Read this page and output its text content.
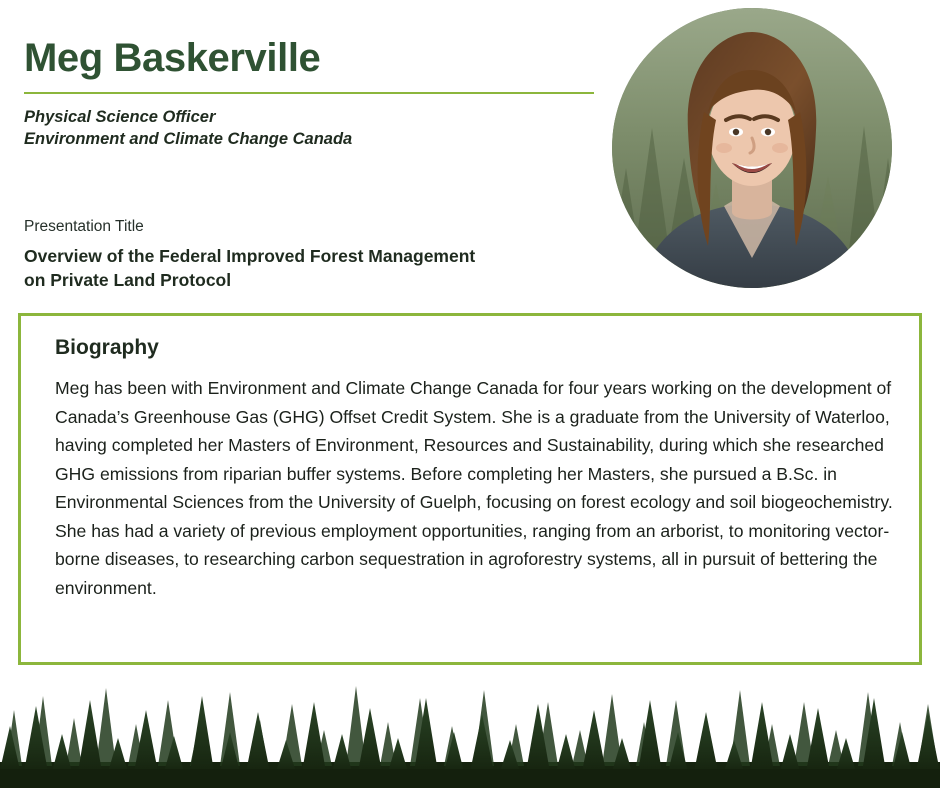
Meg Baskerville
Physical Science Officer
Environment and Climate Change Canada
Presentation Title
Overview of the Federal Improved Forest Management
on Private Land Protocol
Biography

Meg has been with Environment and Climate Change Canada for four years working on the development of Canada’s Greenhouse Gas (GHG) Offset Credit System. She is a graduate from the University of Waterloo, having completed her Masters of Environment, Resources and Sustainability, during which she researched GHG emissions from riparian buffer systems. Before completing her Masters, she pursued a B.Sc. in Environmental Sciences from the University of Guelph, focusing on forest ecology and soil biogeochemistry. She has had a variety of previous employment opportunities, ranging from an arborist, to monitoring vector-borne diseases, to researching carbon sequestration in agroforestry systems, all in pursuit of bettering the environment.
